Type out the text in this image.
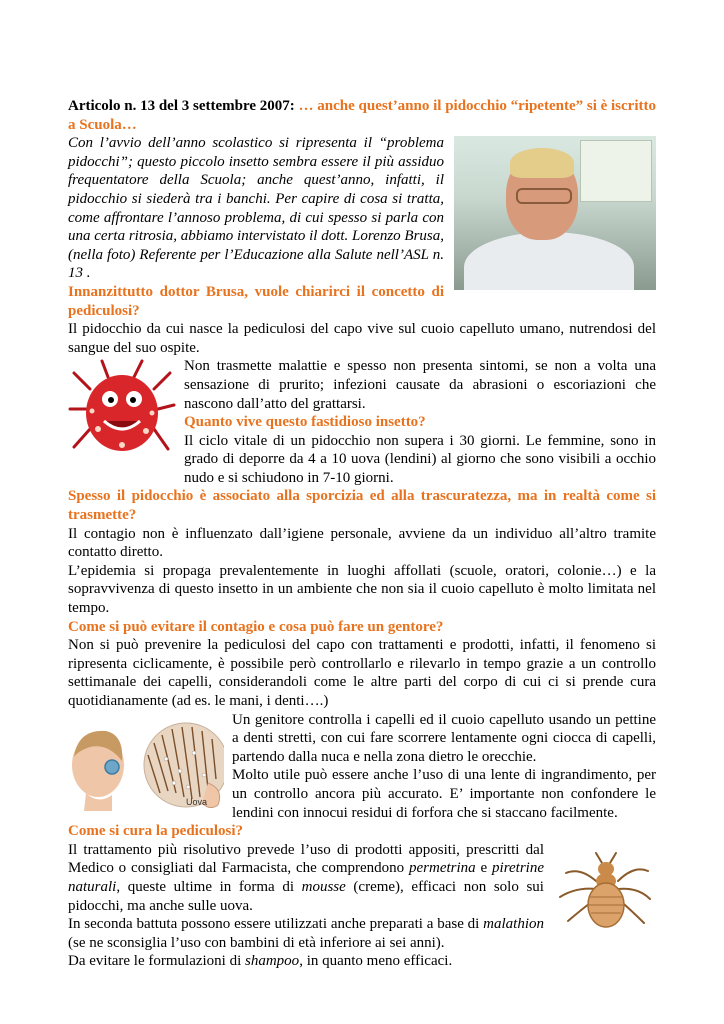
Articolo n. 13 del 3 settembre 2007: … anche quest’anno il pidocchio “ripetente” si è iscritto a Scuola…

Con l’avvio dell’anno scolastico si ripresenta il “problema pidocchi”; questo piccolo insetto sembra essere il più assiduo frequentatore della Scuola; anche quest’anno, infatti, il pidocchio si siederà tra i banchi. Per capire di cosa si tratta, come affrontare l’annoso problema, di cui spesso si parla con una certa ritrosia, abbiamo intervistato il dott. Lorenzo Brusa, (nella foto) Referente per l’Educazione alla Salute nell’ASL n. 13 .

Innanzittutto dottor Brusa, vuole chiarirci il concetto di pediculosi?

Il pidocchio da cui nasce la pediculosi del capo vive sul cuoio capelluto umano, nutrendosi del sangue del suo ospite.

Non trasmette malattie e spesso non presenta sintomi, se non a volta una sensazione di prurito; infezioni causate da abrasioni o escoriazioni che nascono dall’atto del grattarsi.

Quanto vive questo fastidioso insetto?

Il ciclo vitale di un pidocchio non supera i 30 giorni. Le femmine, sono in grado di deporre da 4 a 10 uova (lendini) al giorno che sono visibili a occhio nudo e si schiudono in 7-10 giorni.

Spesso il pidocchio è associato alla sporcizia ed alla trascuratezza, ma in realtà come si trasmette?

Il contagio non è influenzato dall’igiene personale, avviene da un individuo all’altro tramite contatto diretto.

L’epidemia si propaga prevalentemente in luoghi affollati (scuole, oratori, colonie…) e la sopravvivenza di questo insetto in un ambiente che non sia il cuoio capelluto è molto limitata nel tempo.

Come si può evitare il contagio e cosa può fare un gentore?

Non si può prevenire la pediculosi del capo con trattamenti e prodotti, infatti, il fenomeno si ripresenta ciclicamente, è possibile però controllarlo e rilevarlo in tempo grazie a un controllo settimanale dei capelli, considerandoli come le altre parti del corpo di cui ci si prende cura quotidianamente (ad es. le mani, i denti….)

Uova

Un genitore controlla i capelli ed il cuoio capelluto usando un pettine a denti stretti, con cui fare scorrere lentamente ogni ciocca di capelli, partendo dalla nuca e nella zona dietro le orecchie.

Molto utile può essere anche l’uso di una lente di ingrandimento, per un controllo ancora più accurato. E’ importante non confondere le lendini con innocui residui di forfora che si staccano facilmente.

Come si cura la pediculosi?

Il trattamento più risolutivo prevede l’uso di prodotti appositi, prescritti dal Medico o consigliati dal Farmacista, che comprendono permetrina e piretrine naturali, queste ultime in forma di mousse (creme), efficaci non solo sui pidocchi, ma anche sulle uova.

In seconda battuta possono essere utilizzati anche preparati a base di malathion (se ne sconsiglia l’uso con bambini di età inferiore ai sei anni).

Da evitare le formulazioni di shampoo, in quanto meno efficaci.
